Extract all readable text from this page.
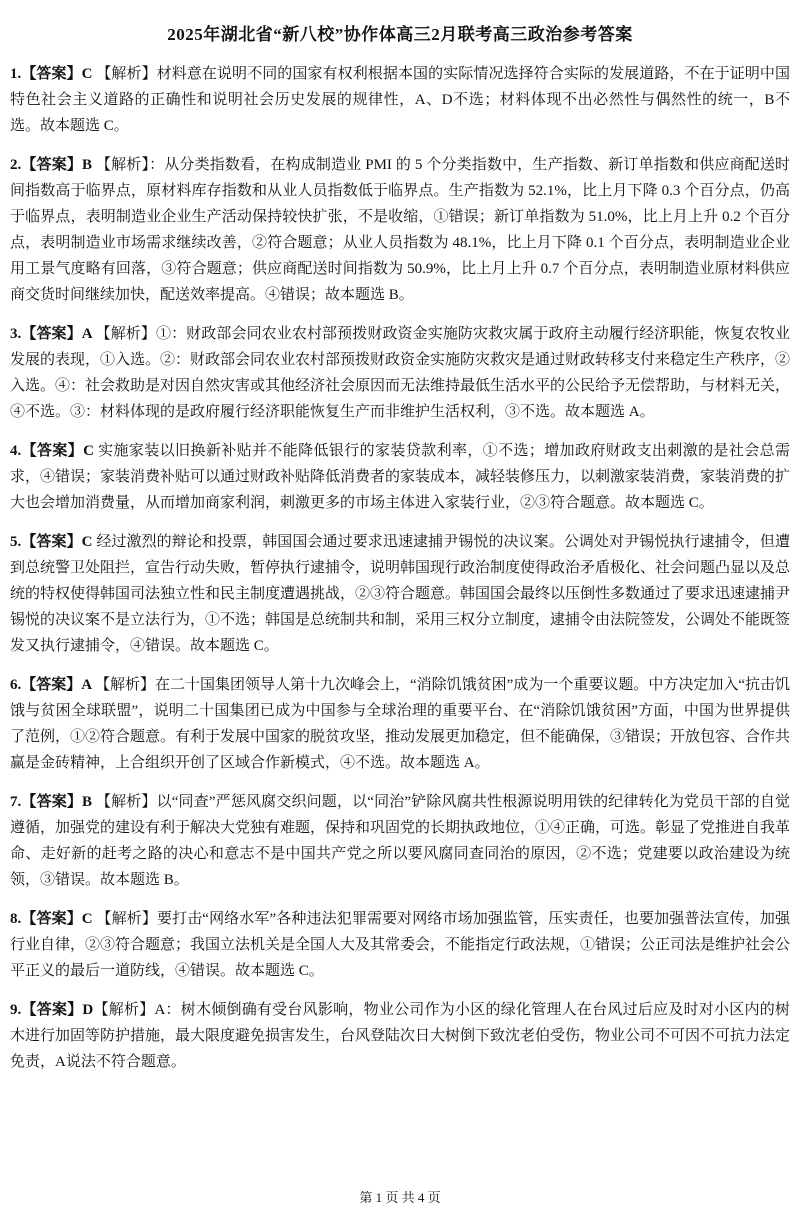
2025年湖北省“新八校”协作体高三2月联考高三政治参考答案

1.【答案】C 【解析】材料意在说明不同的国家有权利根据本国的实际情况选择符合实际的发展道路，不在于证明中国特色社会主义道路的正确性和说明社会历史发展的规律性，A、D不选；材料体现不出必然性与偶然性的统一，B不选。故本题选 C。

2.【答案】B 【解析】：从分类指数看，在构成制造业 PMI 的 5 个分类指数中，生产指数、新订单指数和供应商配送时间指数高于临界点，原材料库存指数和从业人员指数低于临界点。生产指数为 52.1%，比上月下降 0.3 个百分点，仍高于临界点，表明制造业企业生产活动保持较快扩张，不是收缩，①错误；新订单指数为 51.0%，比上月上升 0.2 个百分点，表明制造业市场需求继续改善，②符合题意；从业人员指数为 48.1%，比上月下降 0.1 个百分点，表明制造业企业用工景气度略有回落，③符合题意；供应商配送时间指数为 50.9%，比上月上升 0.7 个百分点，表明制造业原材料供应商交货时间继续加快，配送效率提高。④错误；故本题选 B。

3.【答案】A 【解析】①：财政部会同农业农村部预拨财政资金实施防灾救灾属于政府主动履行经济职能，恢复农牧业发展的表现，①入选。②：财政部会同农业农村部预拨财政资金实施防灾救灾是通过财政转移支付来稳定生产秩序，②入选。④：社会救助是对因自然灾害或其他经济社会原因而无法维持最低生活水平的公民给予无偿帮助，与材料无关，④不选。③：材料体现的是政府履行经济职能恢复生产而非维护生活权利，③不选。故本题选 A。

4.【答案】C 实施家装以旧换新补贴并不能降低银行的家装贷款利率，①不选；增加政府财政支出刺激的是社会总需求，④错误；家装消费补贴可以通过财政补贴降低消费者的家装成本，减轻装修压力，以刺激家装消费，家装消费的扩大也会增加消费量，从而增加商家利润，刺激更多的市场主体进入家装行业，②③符合题意。故本题选 C。

5.【答案】C 经过激烈的辩论和投票，韩国国会通过要求迅速逮捕尹锡悦的决议案。公调处对尹锡悦执行逮捕令，但遭到总统警卫处阻拦，宣告行动失败，暂停执行逮捕令，说明韩国现行政治制度使得政治矛盾极化、社会问题凸显以及总统的特权使得韩国司法独立性和民主制度遭遇挑战，②③符合题意。韩国国会最终以压倒性多数通过了要求迅速逮捕尹锡悦的决议案不是立法行为，①不选；韩国是总统制共和制，采用三权分立制度，逮捕令由法院签发，公调处不能既签发又执行逮捕令，④错误。故本题选 C。

6.【答案】A 【解析】在二十国集团领导人第十九次峰会上，“消除饥饿贫困”成为一个重要议题。中方决定加入“抗击饥饿与贫困全球联盟”，说明二十国集团已成为中国参与全球治理的重要平台、在“消除饥饿贫困”方面，中国为世界提供了范例，①②符合题意。有利于发展中国家的脱贫攻坚，推动发展更加稳定，但不能确保，③错误；开放包容、合作共赢是金砖精神，上合组织开创了区域合作新模式，④不选。故本题选 A。

7.【答案】B 【解析】以“同查”严惩风腐交织问题，以“同治”铲除风腐共性根源说明用铁的纪律转化为党员干部的自觉遵循，加强党的建设有利于解决大党独有难题，保持和巩固党的长期执政地位，①④正确，可选。彰显了党推进自我革命、走好新的赶考之路的决心和意志不是中国共产党之所以要风腐同查同治的原因，②不选；党建要以政治建设为统领，③错误。故本题选 B。

8.【答案】C 【解析】要打击“网络水军”各种违法犯罪需要对网络市场加强监管，压实责任，也要加强普法宣传，加强行业自律，②③符合题意；我国立法机关是全国人大及其常委会，不能指定行政法规，①错误；公正司法是维护社会公平正义的最后一道防线，④错误。故本题选 C。

9.【答案】D【解析】A：树木倾倒确有受台风影响，物业公司作为小区的绿化管理人在台风过后应及时对小区内的树木进行加固等防护措施，最大限度避免损害发生，台风登陆次日大树倒下致沈老伯受伤，物业公司不可因不可抗力法定免责，A说法不符合题意。

第 1 页 共 4 页
